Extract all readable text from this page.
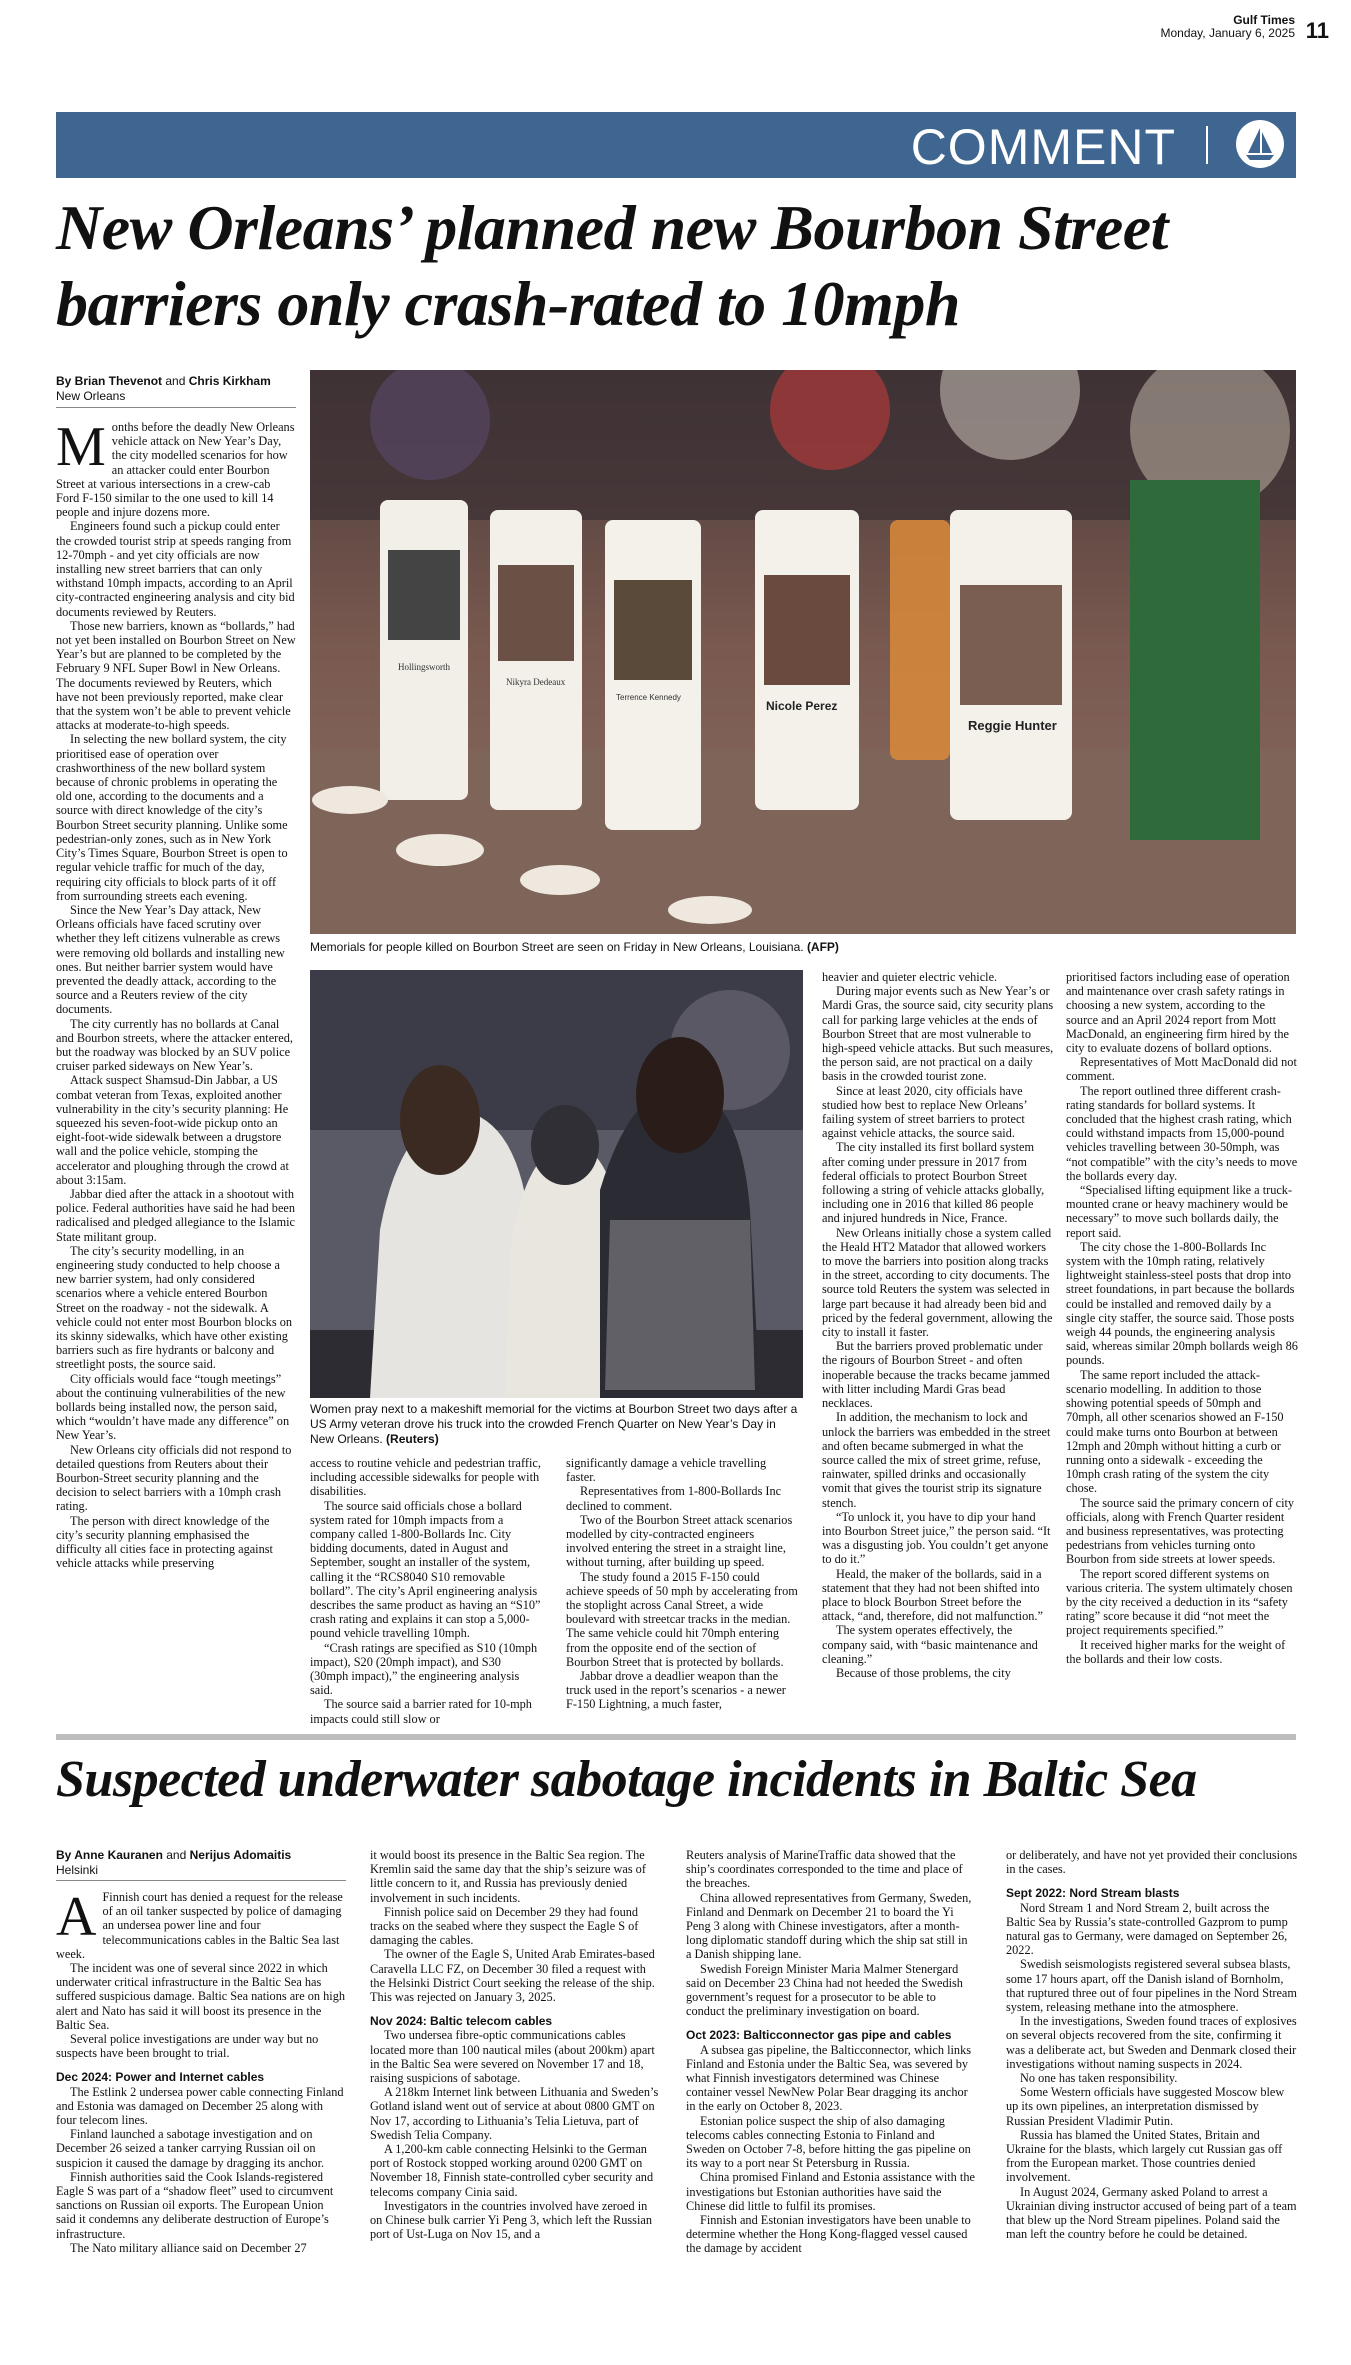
Gulf Times
Monday, January 6, 2025 11
COMMENT
New Orleans’ planned new Bourbon Street barriers only crash-rated to 10mph
By Brian Thevenot and Chris Kirkham
New Orleans
M onths before the deadly New Orleans vehicle attack on New Year’s Day, the city modelled scenarios for how an attacker could enter Bourbon Street at various intersections in a crew-cab Ford F-150 similar to the one used to kill 14 people and injure dozens more.

Engineers found such a pickup could enter the crowded tourist strip at speeds ranging from 12-70mph - and yet city officials are now installing new street barriers that can only withstand 10mph impacts, according to an April city-contracted engineering analysis and city bid documents reviewed by Reuters.

Those new barriers, known as “bollards,” had not yet been installed on Bourbon Street on New Year’s but are planned to be completed by the February 9 NFL Super Bowl in New Orleans. The documents reviewed by Reuters, which have not been previously reported, make clear that the system won’t be able to prevent vehicle attacks at moderate-to-high speeds.

In selecting the new bollard system, the city prioritised ease of operation over crashworthiness of the new bollard system because of chronic problems in operating the old one, according to the documents and a source with direct knowledge of the city’s Bourbon Street security planning. Unlike some pedestrian-only zones, such as in New York City’s Times Square, Bourbon Street is open to regular vehicle traffic for much of the day, requiring city officials to block parts of it off from surrounding streets each evening.

Since the New Year’s Day attack, New Orleans officials have faced scrutiny over whether they left citizens vulnerable as crews were removing old bollards and installing new ones. But neither barrier system would have prevented the deadly attack, according to the source and a Reuters review of the city documents.

The city currently has no bollards at Canal and Bourbon streets, where the attacker entered, but the roadway was blocked by an SUV police cruiser parked sideways on New Year’s.

Attack suspect Shamsud-Din Jabbar, a US combat veteran from Texas, exploited another vulnerability in the city’s security planning: He squeezed his seven-foot-wide pickup onto an eight-foot-wide sidewalk between a drugstore wall and the police vehicle, stomping the accelerator and ploughing through the crowd at about 3:15am.

Jabbar died after the attack in a shootout with police. Federal authorities have said he had been radicalised and pledged allegiance to the Islamic State militant group.

The city’s security modelling, in an engineering study conducted to help choose a new barrier system, had only considered scenarios where a vehicle entered Bourbon Street on the roadway - not the sidewalk. A vehicle could not enter most Bourbon blocks on its skinny sidewalks, which have other existing barriers such as fire hydrants or balcony and streetlight posts, the source said.

City officials would face “tough meetings” about the continuing vulnerabilities of the new bollards being installed now, the person said, which “wouldn’t have made any difference” on New Year’s.

New Orleans city officials did not respond to detailed questions from Reuters about their Bourbon-Street security planning and the decision to select barriers with a 10mph crash rating.

The person with direct knowledge of the city’s security planning emphasised the difficulty all cities face in protecting against vehicle attacks while preserving

Hollingsworth
Nikyra Dedeaux
Terrence Kennedy
Nicole Perez
Reggie Hunter
Memorials for people killed on Bourbon Street are seen on Friday in New Orleans, Louisiana. (AFP)
Women pray next to a makeshift memorial for the victims at Bourbon Street two days after a US Army veteran drove his truck into the crowded French Quarter on New Year’s Day in New Orleans. (Reuters)

access to routine vehicle and pedestrian traffic, including accessible sidewalks for people with disabilities.

The source said officials chose a bollard system rated for 10mph impacts from a company called 1-800-Bollards Inc. City bidding documents, dated in August and September, sought an installer of the system, calling it the “RCS8040 S10 removable bollard”. The city’s April engineering analysis describes the same product as having an “S10” crash rating and explains it can stop a 5,000-pound vehicle travelling 10mph.

“Crash ratings are specified as S10 (10mph impact), S20 (20mph impact), and S30 (30mph impact),” the engineering analysis said.

The source said a barrier rated for 10-mph impacts could still slow or

significantly damage a vehicle travelling faster.

Representatives from 1-800-Bollards Inc declined to comment.

Two of the Bourbon Street attack scenarios modelled by city-contracted engineers involved entering the street in a straight line, without turning, after building up speed.

The study found a 2015 F-150 could achieve speeds of 50 mph by accelerating from the stoplight across Canal Street, a wide boulevard with streetcar tracks in the median. The same vehicle could hit 70mph entering from the opposite end of the section of Bourbon Street that is protected by bollards.

Jabbar drove a deadlier weapon than the truck used in the report’s scenarios - a newer F-150 Lightning, a much faster,

heavier and quieter electric vehicle.

During major events such as New Year’s or Mardi Gras, the source said, city security plans call for parking large vehicles at the ends of Bourbon Street that are most vulnerable to high-speed vehicle attacks. But such measures, the person said, are not practical on a daily basis in the crowded tourist zone.

Since at least 2020, city officials have studied how best to replace New Orleans’ failing system of street barriers to protect against vehicle attacks, the source said.

The city installed its first bollard system after coming under pressure in 2017 from federal officials to protect Bourbon Street following a string of vehicle attacks globally, including one in 2016 that killed 86 people and injured hundreds in Nice, France.

New Orleans initially chose a system called the Heald HT2 Matador that allowed workers to move the barriers into position along tracks in the street, according to city documents. The source told Reuters the system was selected in large part because it had already been bid and priced by the federal government, allowing the city to install it faster.

But the barriers proved problematic under the rigours of Bourbon Street - and often inoperable because the tracks became jammed with litter including Mardi Gras bead necklaces.

In addition, the mechanism to lock and unlock the barriers was embedded in the street and often became submerged in what the source called the mix of street grime, refuse, rainwater, spilled drinks and occasionally vomit that gives the tourist strip its signature stench.

“To unlock it, you have to dip your hand into Bourbon Street juice,” the person said. “It was a disgusting job. You couldn’t get anyone to do it.”

Heald, the maker of the bollards, said in a statement that they had not been shifted into place to block Bourbon Street before the attack, “and, therefore, did not malfunction.”

The system operates effectively, the company said, with “basic maintenance and cleaning.”

Because of those problems, the city

prioritised factors including ease of operation and maintenance over crash safety ratings in choosing a new system, according to the source and an April 2024 report from Mott MacDonald, an engineering firm hired by the city to evaluate dozens of bollard options.

Representatives of Mott MacDonald did not comment.

The report outlined three different crash-rating standards for bollard systems. It concluded that the highest crash rating, which could withstand impacts from 15,000-pound vehicles travelling between 30-50mph, was “not compatible” with the city’s needs to move the bollards every day.

“Specialised lifting equipment like a truck-mounted crane or heavy machinery would be necessary” to move such bollards daily, the report said.

The city chose the 1-800-Bollards Inc system with the 10mph rating, relatively lightweight stainless-steel posts that drop into street foundations, in part because the bollards could be installed and removed daily by a single city staffer, the source said. Those posts weigh 44 pounds, the engineering analysis said, whereas similar 20mph bollards weigh 86 pounds.

The same report included the attack-scenario modelling. In addition to those showing potential speeds of 50mph and 70mph, all other scenarios showed an F-150 could make turns onto Bourbon at between 12mph and 20mph without hitting a curb or running onto a sidewalk - exceeding the 10mph crash rating of the system the city chose.

The source said the primary concern of city officials, along with French Quarter resident and business representatives, was protecting pedestrians from vehicles turning onto Bourbon from side streets at lower speeds.

The report scored different systems on various criteria. The system ultimately chosen by the city received a deduction in its “safety rating” score because it did “not meet the project requirements specified.”

It received higher marks for the weight of the bollards and their low costs.

Suspected underwater sabotage incidents in Baltic Sea
By Anne Kauranen and Nerijus Adomaitis
Helsinki
A Finnish court has denied a request for the release of an oil tanker suspected by police of damaging an undersea power line and four telecommunications cables in the Baltic Sea last week.

The incident was one of several since 2022 in which underwater critical infrastructure in the Baltic Sea has suffered suspicious damage. Baltic Sea nations are on high alert and Nato has said it will boost its presence in the Baltic Sea.

Several police investigations are under way but no suspects have been brought to trial.

Dec 2024: Power and Internet cables

The Estlink 2 undersea power cable connecting Finland and Estonia was damaged on December 25 along with four telecom lines.

Finland launched a sabotage investigation and on December 26 seized a tanker carrying Russian oil on suspicion it caused the damage by dragging its anchor.

Finnish authorities said the Cook Islands-registered Eagle S was part of a “shadow fleet” used to circumvent sanctions on Russian oil exports. The European Union said it condemns any deliberate destruction of Europe’s infrastructure.

The Nato military alliance said on December 27

it would boost its presence in the Baltic Sea region. The Kremlin said the same day that the ship’s seizure was of little concern to it, and Russia has previously denied involvement in such incidents.

Finnish police said on December 29 they had found tracks on the seabed where they suspect the Eagle S of damaging the cables.

The owner of the Eagle S, United Arab Emirates-based Caravella LLC FZ, on December 30 filed a request with the Helsinki District Court seeking the release of the ship. This was rejected on January 3, 2025.

Nov 2024: Baltic telecom cables

Two undersea fibre-optic communications cables located more than 100 nautical miles (about 200km) apart in the Baltic Sea were severed on November 17 and 18, raising suspicions of sabotage.

A 218km Internet link between Lithuania and Sweden’s Gotland island went out of service at about 0800 GMT on Nov 17, according to Lithuania’s Telia Lietuva, part of Swedish Telia Company.

A 1,200-km cable connecting Helsinki to the German port of Rostock stopped working around 0200 GMT on November 18, Finnish state-controlled cyber security and telecoms company Cinia said.

Investigators in the countries involved have zeroed in on Chinese bulk carrier Yi Peng 3, which left the Russian port of Ust-Luga on Nov 15, and a

Reuters analysis of MarineTraffic data showed that the ship’s coordinates corresponded to the time and place of the breaches.

China allowed representatives from Germany, Sweden, Finland and Denmark on December 21 to board the Yi Peng 3 along with Chinese investigators, after a month-long diplomatic standoff during which the ship sat still in a Danish shipping lane.

Swedish Foreign Minister Maria Malmer Stenergard said on December 23 China had not heeded the Swedish government’s request for a prosecutor to be able to conduct the preliminary investigation on board.

Oct 2023: Balticconnector gas pipe and cables

A subsea gas pipeline, the Balticconnector, which links Finland and Estonia under the Baltic Sea, was severed by what Finnish investigators determined was Chinese container vessel NewNew Polar Bear dragging its anchor in the early on October 8, 2023.

Estonian police suspect the ship of also damaging telecoms cables connecting Estonia to Finland and Sweden on October 7-8, before hitting the gas pipeline on its way to a port near St Petersburg in Russia.

China promised Finland and Estonia assistance with the investigations but Estonian authorities have said the Chinese did little to fulfil its promises.

Finnish and Estonian investigators have been unable to determine whether the Hong Kong-flagged vessel caused the damage by accident

or deliberately, and have not yet provided their conclusions in the cases.

Sept 2022: Nord Stream blasts

Nord Stream 1 and Nord Stream 2, built across the Baltic Sea by Russia’s state-controlled Gazprom to pump natural gas to Germany, were damaged on September 26, 2022.

Swedish seismologists registered several subsea blasts, some 17 hours apart, off the Danish island of Bornholm, that ruptured three out of four pipelines in the Nord Stream system, releasing methane into the atmosphere.

In the investigations, Sweden found traces of explosives on several objects recovered from the site, confirming it was a deliberate act, but Sweden and Denmark closed their investigations without naming suspects in 2024.

No one has taken responsibility.

Some Western officials have suggested Moscow blew up its own pipelines, an interpretation dismissed by Russian President Vladimir Putin.

Russia has blamed the United States, Britain and Ukraine for the blasts, which largely cut Russian gas off from the European market. Those countries denied involvement.

In August 2024, Germany asked Poland to arrest a Ukrainian diving instructor accused of being part of a team that blew up the Nord Stream pipelines. Poland said the man left the country before he could be detained.
